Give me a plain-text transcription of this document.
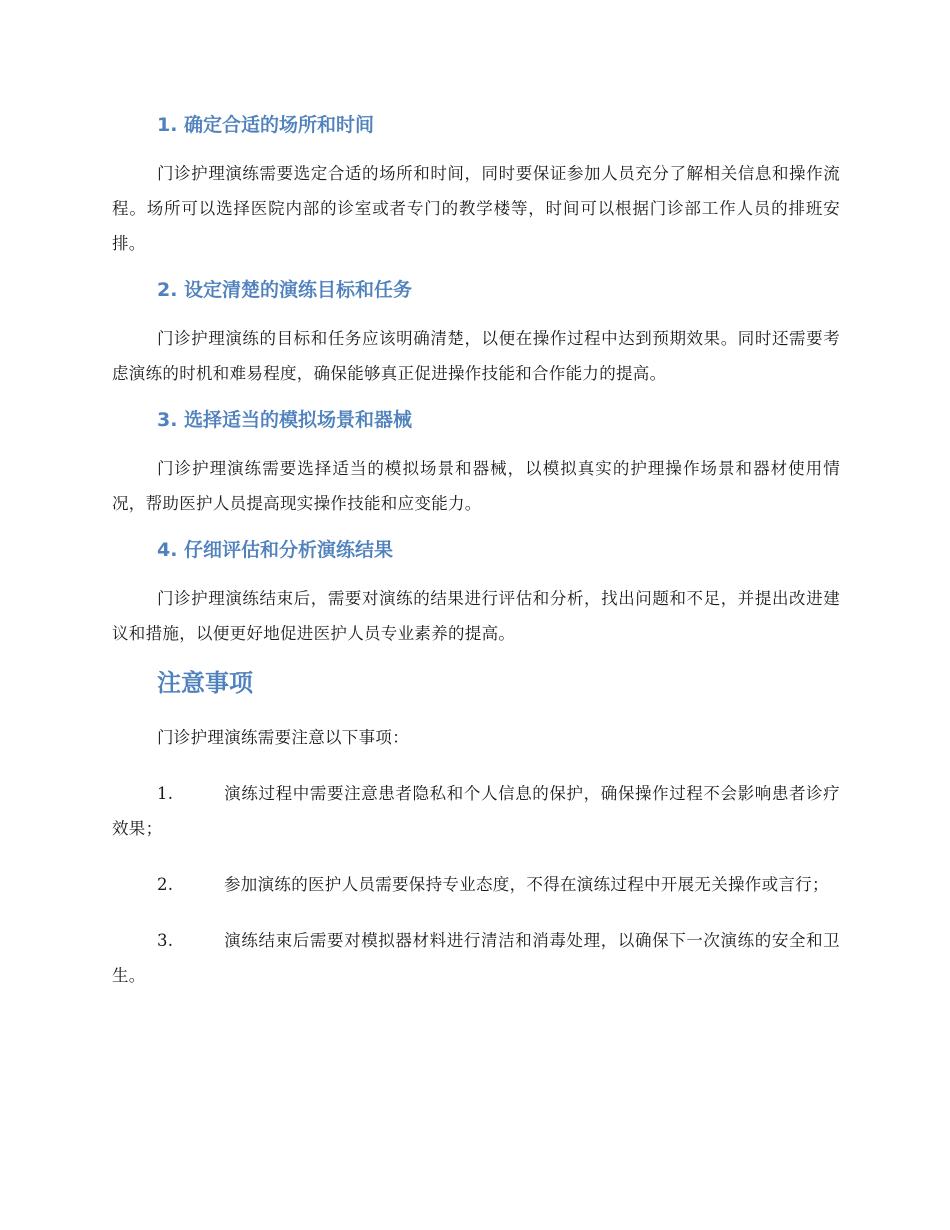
1. 确定合适的场所和时间

门诊护理演练需要选定合适的场所和时间，同时要保证参加人员充分了解相关信息和操作流程。场所可以选择医院内部的诊室或者专门的教学楼等，时间可以根据门诊部工作人员的排班安排。

2. 设定清楚的演练目标和任务

门诊护理演练的目标和任务应该明确清楚，以便在操作过程中达到预期效果。同时还需要考虑演练的时机和难易程度，确保能够真正促进操作技能和合作能力的提高。

3. 选择适当的模拟场景和器械

门诊护理演练需要选择适当的模拟场景和器械，以模拟真实的护理操作场景和器材使用情况，帮助医护人员提高现实操作技能和应变能力。

4. 仔细评估和分析演练结果

门诊护理演练结束后，需要对演练的结果进行评估和分析，找出问题和不足，并提出改进建议和措施，以便更好地促进医护人员专业素养的提高。

注意事项

门诊护理演练需要注意以下事项：

1.	演练过程中需要注意患者隐私和个人信息的保护，确保操作过程不会影响患者诊疗效果；

2.	参加演练的医护人员需要保持专业态度，不得在演练过程中开展无关操作或言行；

3.	演练结束后需要对模拟器材料进行清洁和消毒处理，以确保下一次演练的安全和卫生。
